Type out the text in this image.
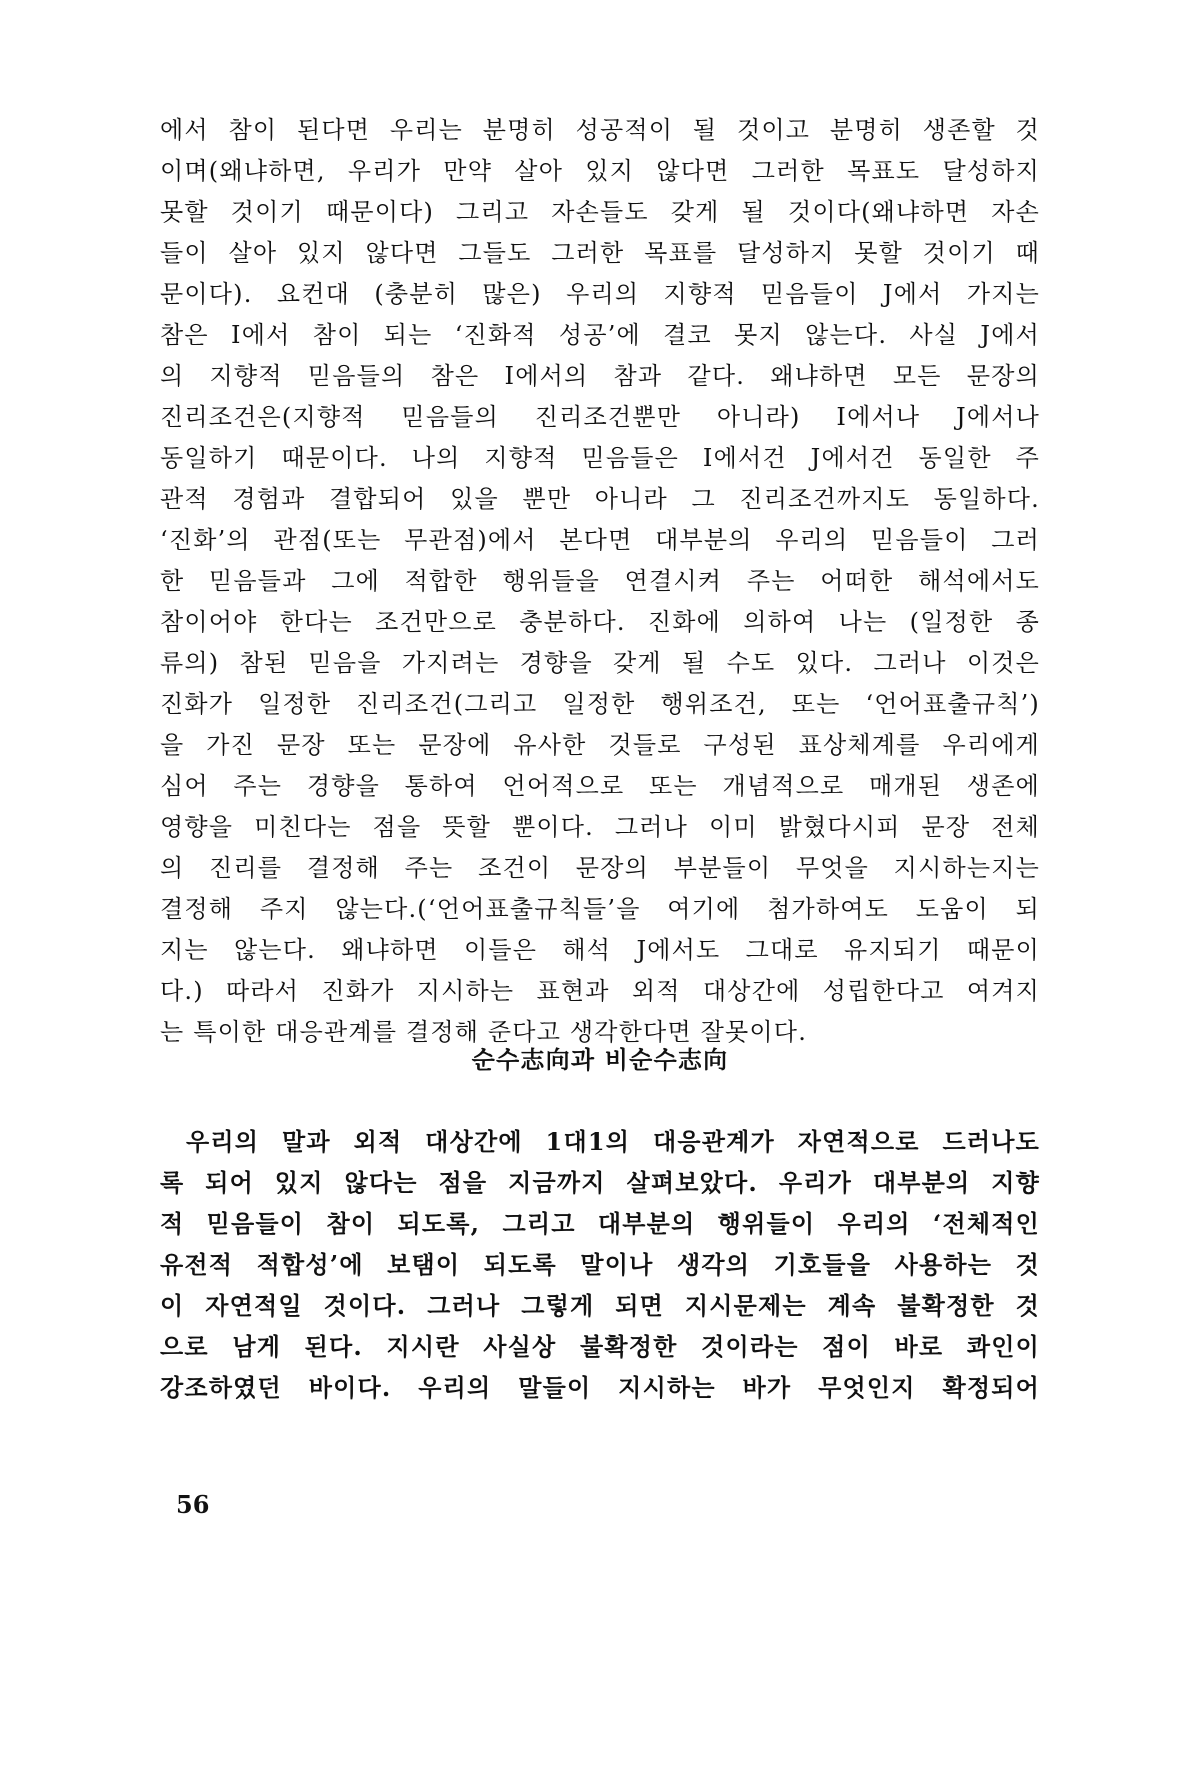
에서 참이 된다면 우리는 분명히 성공적이 될 것이고 분명히 생존할 것
이며(왜냐하면, 우리가 만약 살아 있지 않다면 그러한 목표도 달성하지
못할 것이기 때문이다) 그리고 자손들도 갖게 될 것이다(왜냐하면 자손
들이 살아 있지 않다면 그들도 그러한 목표를 달성하지 못할 것이기 때
문이다). 요컨대 (충분히 많은) 우리의 지향적 믿음들이 J에서 가지는
참은 I에서 참이 되는 ‘진화적 성공’에 결코 못지 않는다. 사실 J에서
의 지향적 믿음들의 참은 I에서의 참과 같다. 왜냐하면 모든 문장의
진리조건은(지향적 믿음들의 진리조건뿐만 아니라) I에서나 J에서나
동일하기 때문이다. 나의 지향적 믿음들은 I에서건 J에서건 동일한 주
관적 경험과 결합되어 있을 뿐만 아니라 그 진리조건까지도 동일하다.
‘진화’의 관점(또는 무관점)에서 본다면 대부분의 우리의 믿음들이 그러
한 믿음들과 그에 적합한 행위들을 연결시켜 주는 어떠한 해석에서도
참이어야 한다는 조건만으로 충분하다. 진화에 의하여 나는 (일정한 종
류의) 참된 믿음을 가지려는 경향을 갖게 될 수도 있다. 그러나 이것은
진화가 일정한 진리조건(그리고 일정한 행위조건, 또는 ‘언어표출규칙’)
을 가진 문장 또는 문장에 유사한 것들로 구성된 표상체계를 우리에게
심어 주는 경향을 통하여 언어적으로 또는 개념적으로 매개된 생존에
영향을 미친다는 점을 뜻할 뿐이다. 그러나 이미 밝혔다시피 문장 전체
의 진리를 결정해 주는 조건이 문장의 부분들이 무엇을 지시하는지는
결정해 주지 않는다.(‘언어표출규칙들’을 여기에 첨가하여도 도움이 되
지는 않는다. 왜냐하면 이들은 해석 J에서도 그대로 유지되기 때문이
다.) 따라서 진화가 지시하는 표현과 외적 대상간에 성립한다고 여겨지
는 특이한 대응관계를 결정해 준다고 생각한다면 잘못이다.
순수志向과 비순수志向
우리의 말과 외적 대상간에 1대1의 대응관계가 자연적으로 드러나도
록 되어 있지 않다는 점을 지금까지 살펴보았다. 우리가 대부분의 지향
적 믿음들이 참이 되도록, 그리고 대부분의 행위들이 우리의 ‘전체적인
유전적 적합성’에 보탬이 되도록 말이나 생각의 기호들을 사용하는 것
이 자연적일 것이다. 그러나 그렇게 되면 지시문제는 계속 불확정한 것
으로 남게 된다. 지시란 사실상 불확정한 것이라는 점이 바로 콰인이
강조하였던 바이다. 우리의 말들이 지시하는 바가 무엇인지 확정되어
56
